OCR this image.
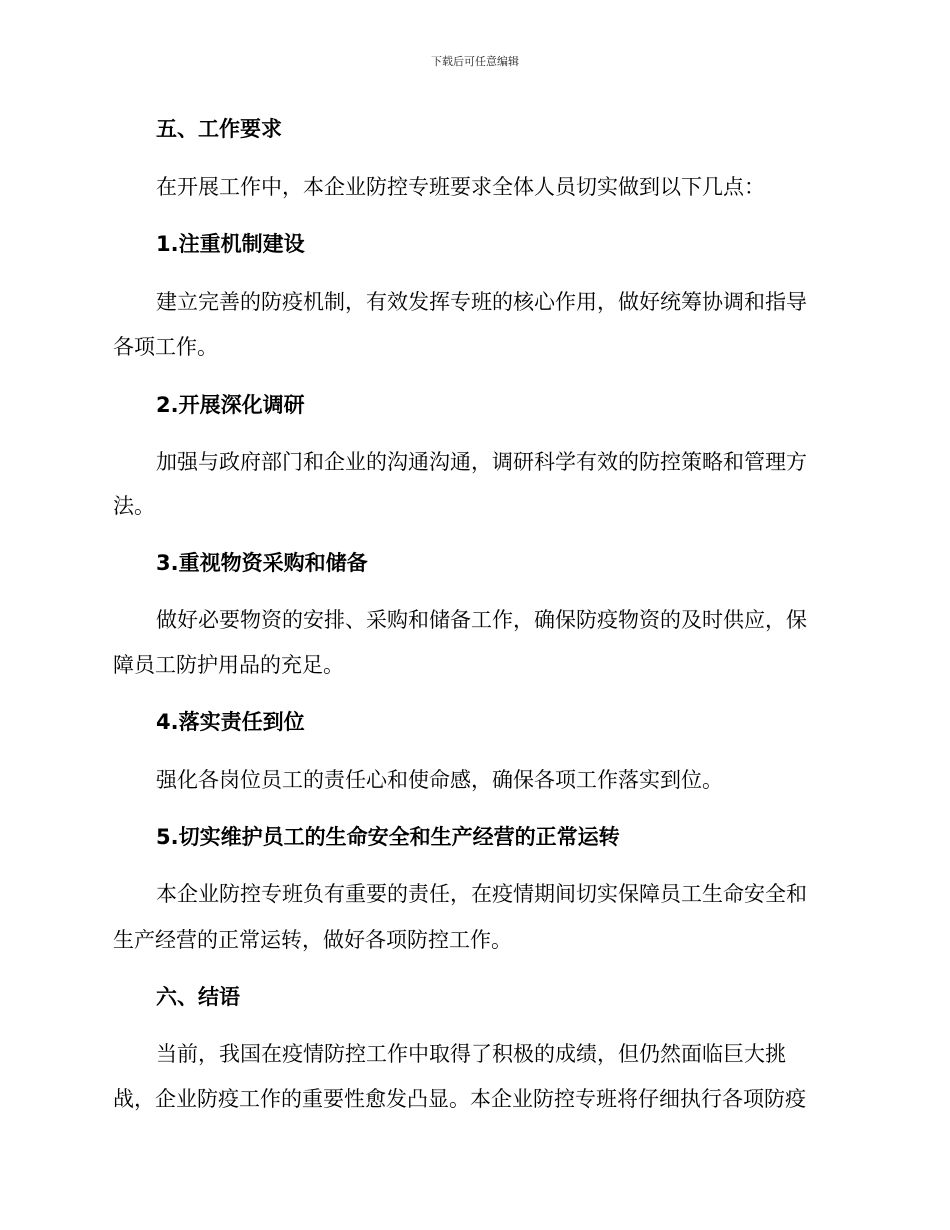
下载后可任意编辑
五、工作要求
在开展工作中，本企业防控专班要求全体人员切实做到以下几点：
1.注重机制建设
建立完善的防疫机制，有效发挥专班的核心作用，做好统筹协调和指导
各项工作。
2.开展深化调研
加强与政府部门和企业的沟通沟通，调研科学有效的防控策略和管理方
法。
3.重视物资采购和储备
做好必要物资的安排、采购和储备工作，确保防疫物资的及时供应，保
障员工防护用品的充足。
4.落实责任到位
强化各岗位员工的责任心和使命感，确保各项工作落实到位。
5.切实维护员工的生命安全和生产经营的正常运转
本企业防控专班负有重要的责任，在疫情期间切实保障员工生命安全和
生产经营的正常运转，做好各项防控工作。
六、结语
当前，我国在疫情防控工作中取得了积极的成绩，但仍然面临巨大挑
战，企业防疫工作的重要性愈发凸显。本企业防控专班将仔细执行各项防疫
